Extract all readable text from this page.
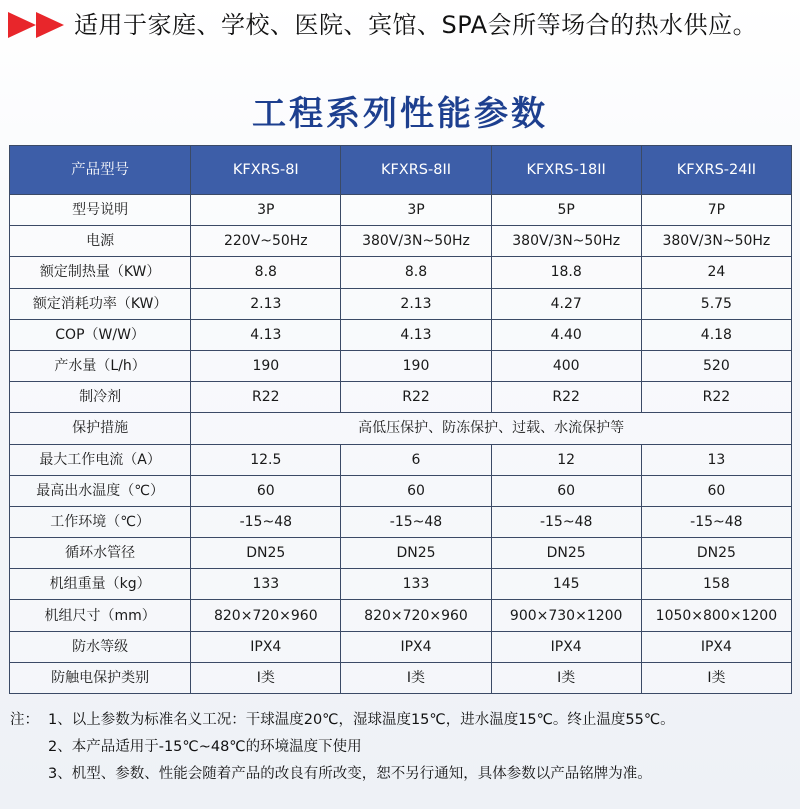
适用于家庭、学校、医院、宾馆、SPA会所等场合的热水供应。
工程系列性能参数
产品型号	KFXRS-8I	KFXRS-8II	KFXRS-18II	KFXRS-24II
型号说明	3P	3P	5P	7P
电源	220V~50Hz	380V/3N~50Hz	380V/3N~50Hz	380V/3N~50Hz
额定制热量（KW）	8.8	8.8	18.8	24
额定消耗功率（KW）	2.13	2.13	4.27	5.75
COP（W/W）	4.13	4.13	4.40	4.18
产水量（L/h）	190	190	400	520
制冷剂	R22	R22	R22	R22
保护措施	高低压保护、防冻保护、过载、水流保护等			
最大工作电流（A）	12.5	6	12	13
最高出水温度（℃）	60	60	60	60
工作环境（℃）	-15~48	-15~48	-15~48	-15~48
循环水管径	DN25	DN25	DN25	DN25
机组重量（kg）	133	133	145	158
机组尺寸（mm）	820×720×960	820×720×960	900×730×1200	1050×800×1200
防水等级	IPX4	IPX4	IPX4	IPX4
防触电保护类别	I类	I类	I类	I类
注： 1、以上参数为标准名义工况：干球温度20℃，湿球温度15℃，进水温度15℃。终止温度55℃。
2、本产品适用于-15℃~48℃的环境温度下使用
3、机型、参数、性能会随着产品的改良有所改变，恕不另行通知，具体参数以产品铭牌为准。
